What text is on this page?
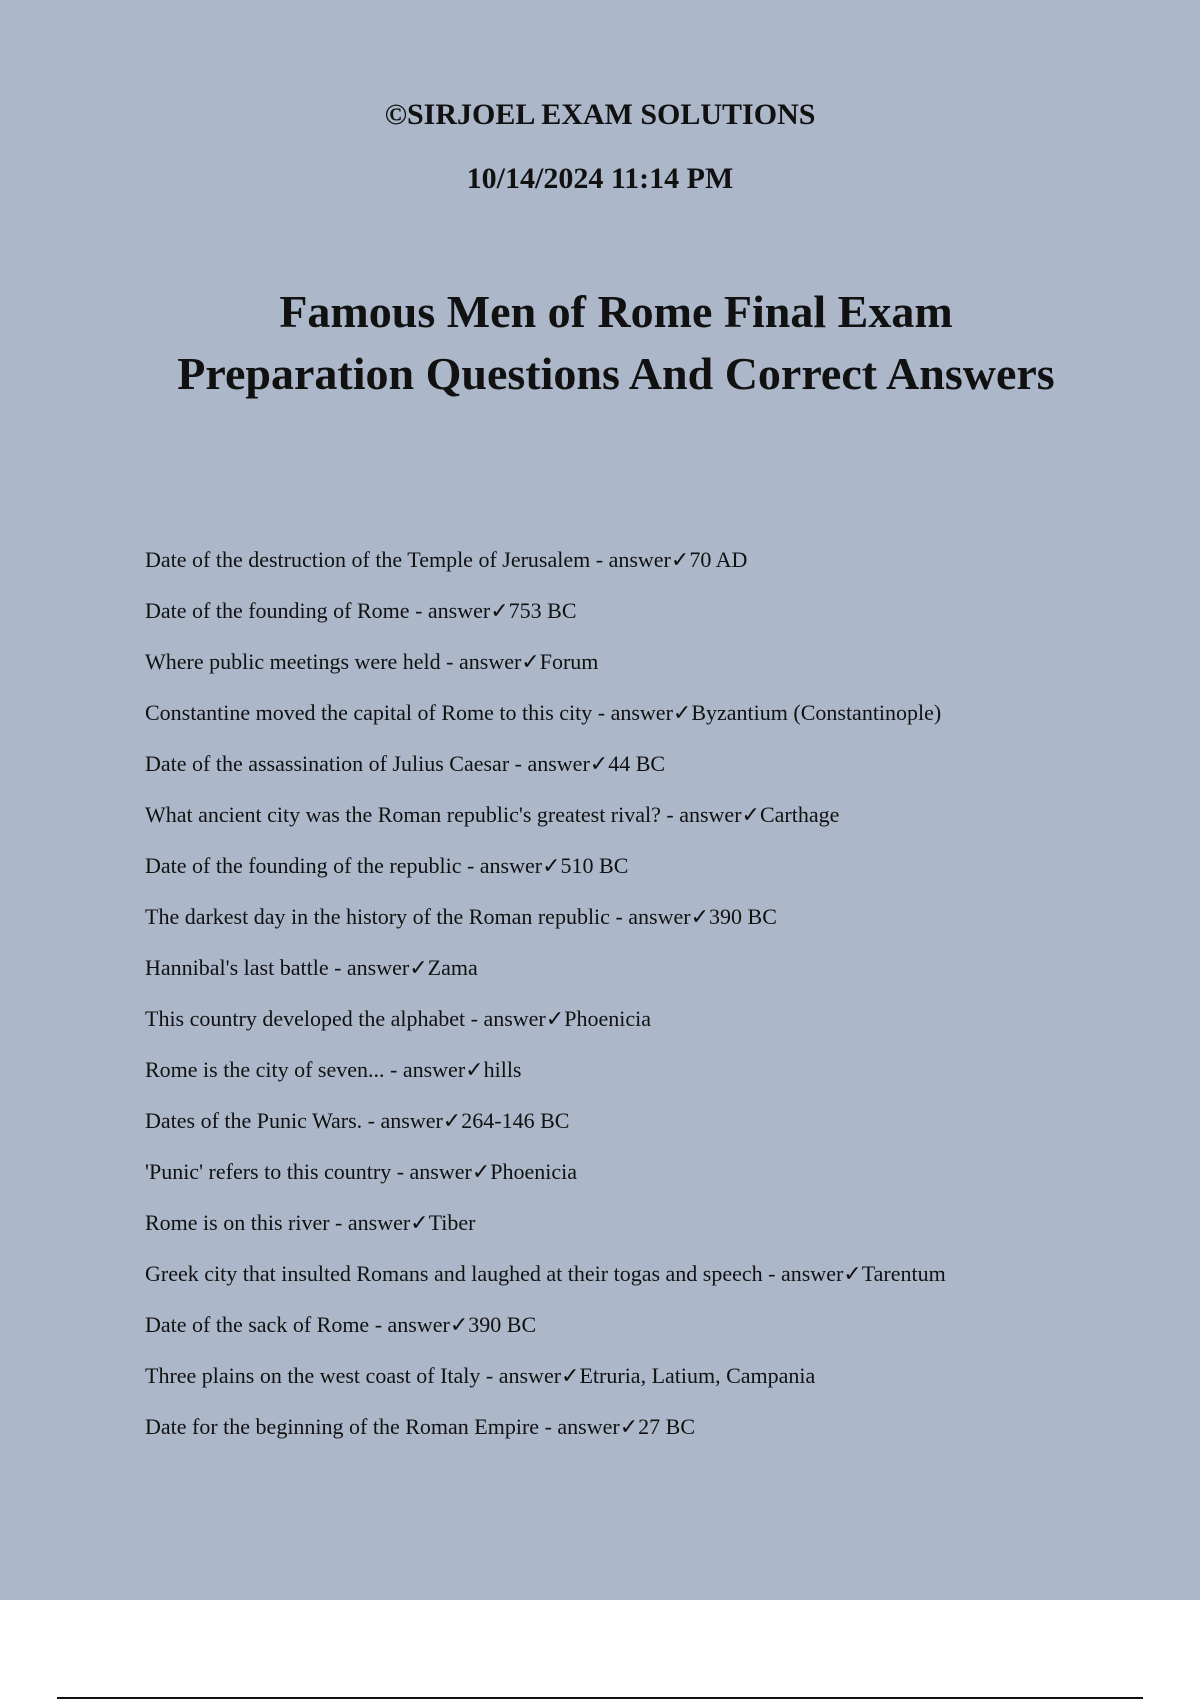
©SIRJOEL EXAM SOLUTIONS
10/14/2024 11:14 PM
Famous Men of Rome Final Exam
Preparation Questions And Correct Answers
Date of the destruction of the Temple of Jerusalem - answer✓70 AD
Date of the founding of Rome - answer✓753 BC
Where public meetings were held - answer✓Forum
Constantine moved the capital of Rome to this city - answer✓Byzantium (Constantinople)
Date of the assassination of Julius Caesar - answer✓44 BC
What ancient city was the Roman republic's greatest rival? - answer✓Carthage
Date of the founding of the republic - answer✓510 BC
The darkest day in the history of the Roman republic - answer✓390 BC
Hannibal's last battle - answer✓Zama
This country developed the alphabet - answer✓Phoenicia
Rome is the city of seven... - answer✓hills
Dates of the Punic Wars. - answer✓264-146 BC
'Punic' refers to this country - answer✓Phoenicia
Rome is on this river - answer✓Tiber
Greek city that insulted Romans and laughed at their togas and speech - answer✓Tarentum
Date of the sack of Rome - answer✓390 BC
Three plains on the west coast of Italy - answer✓Etruria, Latium, Campania
Date for the beginning of the Roman Empire - answer✓27 BC
